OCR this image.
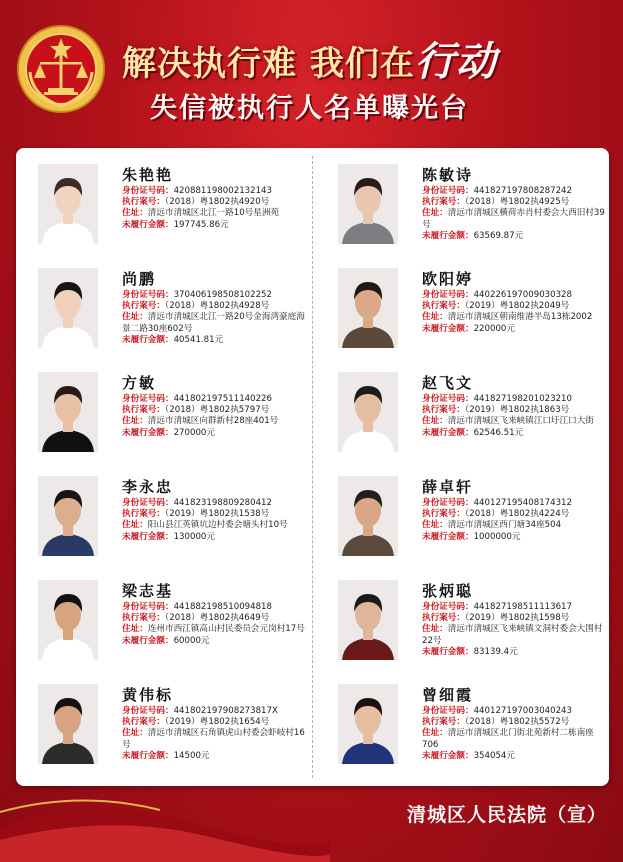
解决执行难 我们在行动
失信被执行人名单曝光台
朱艳艳
身份证号码：420881198002132143
执行案号：（2018）粤1802执4920号
住址：清远市清城区北江一路10号星洲苑
未履行金额：197745.86元
陈敏诗
身份证号码：441827197808287242
执行案号：（2018）粤1802执4925号
住址：清远市清城区横荷赤肖村委会大西旧村39号
未履行金额：63569.87元
尚鹏
身份证号码：370406198508102252
执行案号：（2018）粤1802执4928号
住址：清远市清城区北江一路20号金海湾豪庭海景二路30座602号
未履行金额：40541.81元
欧阳婷
身份证号码：440226197009030328
执行案号：（2019）粤1802执2049号
住址：清远市清城区朝南维港半岛13栋2002
未履行金额：220000元
方敏
身份证号码：441802197511140226
执行案号：（2018）粤1802执5797号
住址：清远市清城区向群新村28座401号
未履行金额：270000元
赵飞文
身份证号码：441827198201023210
执行案号：（2019）粤1802执1863号
住址：清远市清城区飞来峡镇江口圩江口大街
未履行金额：62546.51元
李永忠
身份证号码：441823198809280412
执行案号：（2019）粤1802执1538号
住址：阳山县江英镇坑边村委会塘头村10号
未履行金额：130000元
薛卓轩
身份证号码：440127195408174312
执行案号：（2018）粤1802执4224号
住址：清远市清城区西门塘34座504
未履行金额：1000000元
梁志基
身份证号码：441882198510094818
执行案号：（2018）粤1802执4649号
住址：连州市西江镇高山村民委员会元岗村17号
未履行金额：60000元
张炳聪
身份证号码：441827198511113617
执行案号：（2019）粤1802执1598号
住址：清远市清城区飞来峡镇文洞村委会大围村22号
未履行金额：83139.4元
黄伟标
身份证号码：441802197908273817X
执行案号：（2019）粤1802执1654号
住址：清远市清城区石角镇虎山村委会虾岐村16号
未履行金额：14500元
曾细霞
身份证号码：440127197003040243
执行案号：（2018）粤1802执5572号
住址：清远市清城区北门街北苑新村二栋南座706
未履行金额：354054元
清城区人民法院（宣）
